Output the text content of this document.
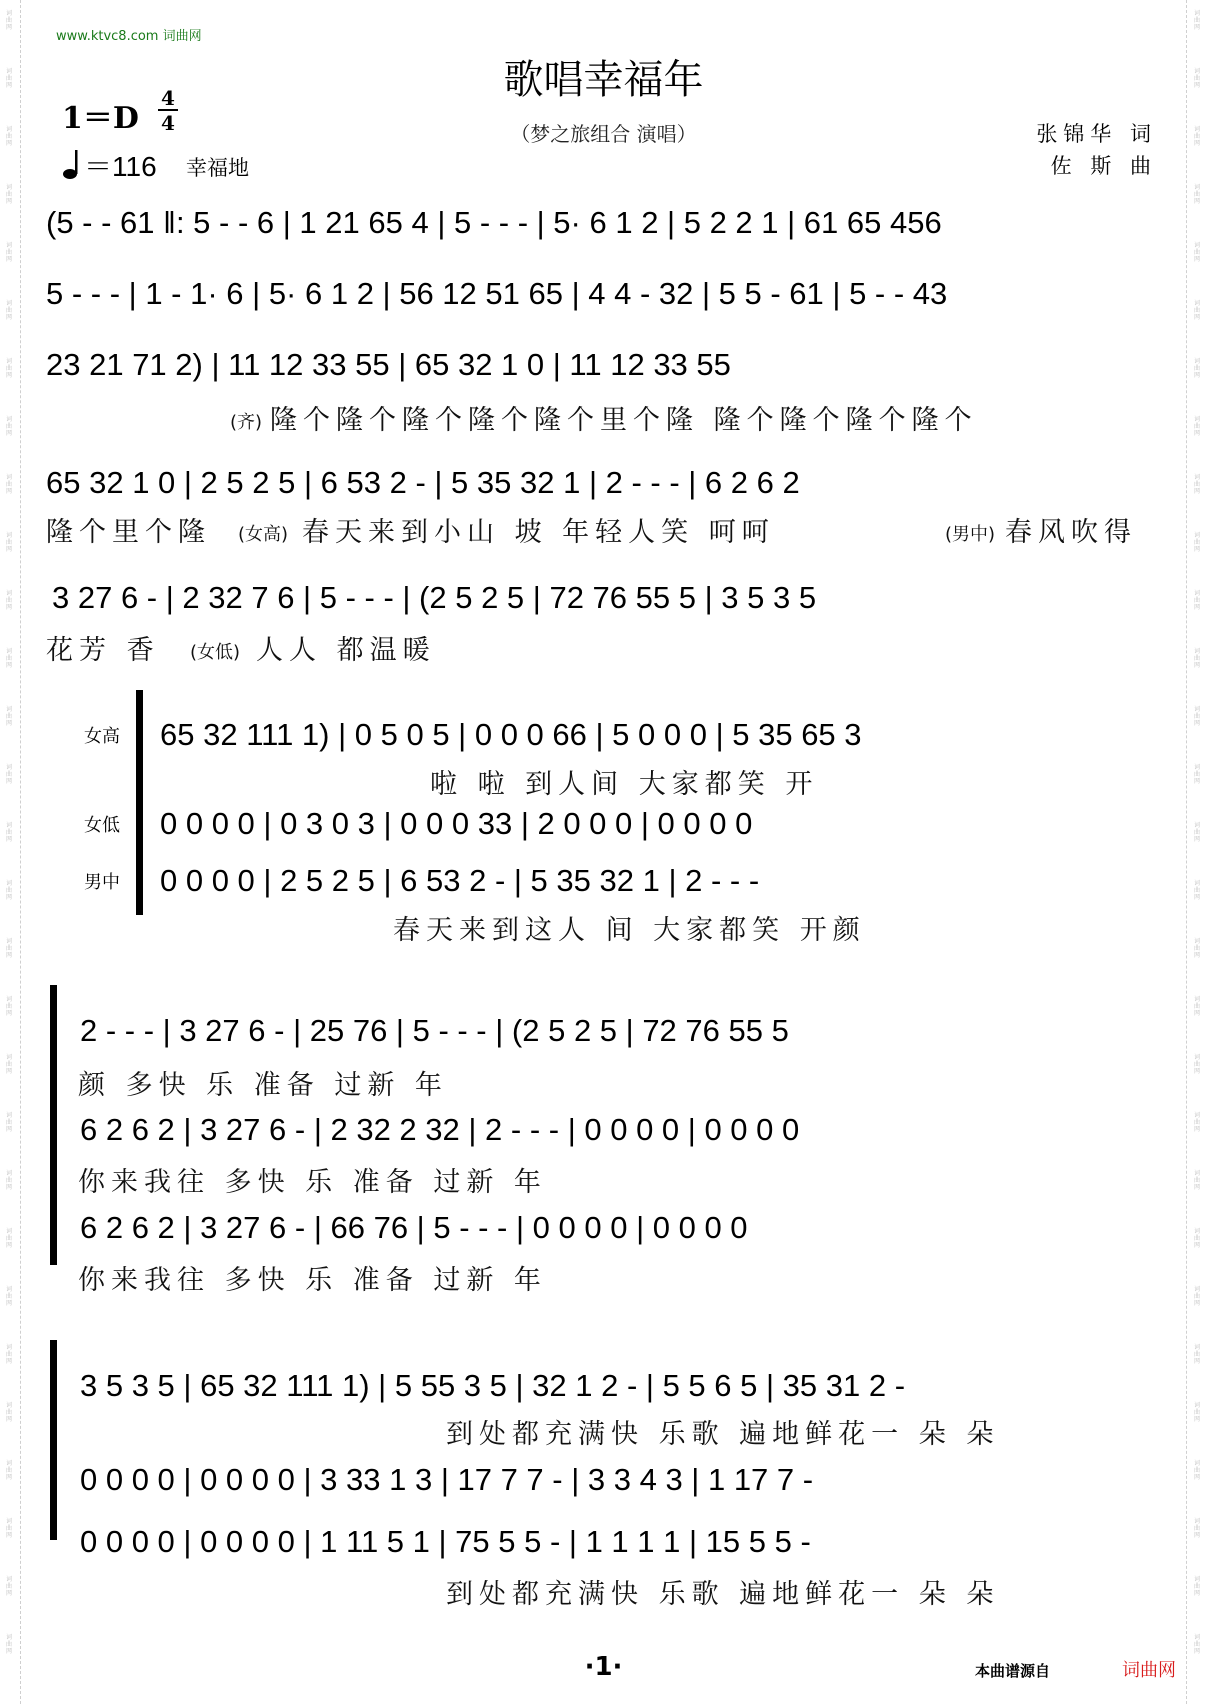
www.ktvc8.com 词曲网
歌唱幸福年
（梦之旅组合 演唱）	张锦华 词
佐 斯 曲
1＝D
4
4
＝116 幸福地
(5 - - 61 ‖: 5 - - 6 | 1 21 65 4 | 5 - - - | 5· 6 1 2 | 5 2 2 1 | 61 65 456
5 - - - | 1 - 1· 6 | 5· 6 1 2 | 56 12 51 65 | 4 4 - 32 | 5 5 - 61 | 5 - - 43
23 21 71 2) | 11 12 33 55 | 65 32 1 0 | 11 12 33 55
(齐) 隆个隆个隆个隆个隆个里个隆 隆个隆个隆个隆个
65 32 1 0 | 2 5 2 5 | 6 53 2 - | 5 35 32 1 | 2 - - - | 6 2 6 2
隆个里个隆 (女高) 春天来到小山 坡 年轻人笑 呵呵	(男中) 春风吹得
3 27 6 - | 2 32 7 6 | 5 - - - | (2 5 2 5 | 72 76 55 5 | 3 5 3 5
花芳 香 (女低) 人人 都温暖
女高
女低
男中
65 32 111 1) | 0 5 0 5 | 0 0 0 66 | 5 0 0 0 | 5 35 65 3
啦 啦 到人间 大家都笑 开
0 0 0 0 | 0 3 0 3 | 0 0 0 33 | 2 0 0 0 | 0 0 0 0
0 0 0 0 | 2 5 2 5 | 6 53 2 - | 5 35 32 1 | 2 - - -
春天来到这人 间 大家都笑 开颜
2 - - - | 3 27 6 - | 25 76 | 5 - - - | (2 5 2 5 | 72 76 55 5
颜 多快 乐 准备 过新 年
6 2 6 2 | 3 27 6 - | 2 32 2 32 | 2 - - - | 0 0 0 0 | 0 0 0 0
你来我往 多快 乐 准备 过新 年
6 2 6 2 | 3 27 6 - | 66 76 | 5 - - - | 0 0 0 0 | 0 0 0 0
你来我往 多快 乐 准备 过新 年
3 5 3 5 | 65 32 111 1) | 5 55 3 5 | 32 1 2 - | 5 5 6 5 | 35 31 2 -
到处都充满快 乐歌 遍地鲜花一 朵 朵
0 0 0 0 | 0 0 0 0 | 3 33 1 3 | 17 7 7 - | 3 3 4 3 | 1 17 7 -
0 0 0 0 | 0 0 0 0 | 1 11 5 1 | 75 5 5 - | 1 1 1 1 | 15 5 5 -
到处都充满快 乐歌 遍地鲜花一 朵 朵
·1·	本曲谱源自	词曲网
词
曲
网
词
曲
网
词
曲
网
词
曲
网
词
曲
网
词
曲
网
词
曲
网
词
曲
网
词
曲
网
词
曲
网
词
曲
网
词
曲
网
词
曲
网
词
曲
网
词
曲
网
词
曲
网
词
曲
网
词
曲
网
词
曲
网
词
曲
网
词
曲
网
词
曲
网
词
曲
网
词
曲
网
词
曲
网
词
曲
网
词
曲
网
词
曲
网
词
曲
网
词
曲
网
词
曲
网
词
曲
网
词
曲
网
词
曲
网
词
曲
网
词
曲
网
词
曲
网
词
曲
网
词
曲
网
词
曲
网
词
曲
网
词
曲
网
词
曲
网
词
曲
网
词
曲
网
词
曲
网
词
曲
网
词
曲
网
词
曲
网
词
曲
网
词
曲
网
词
曲
网
词
曲
网
词
曲
网
词
曲
网
词
曲
网
词
曲
网
词
曲
网
